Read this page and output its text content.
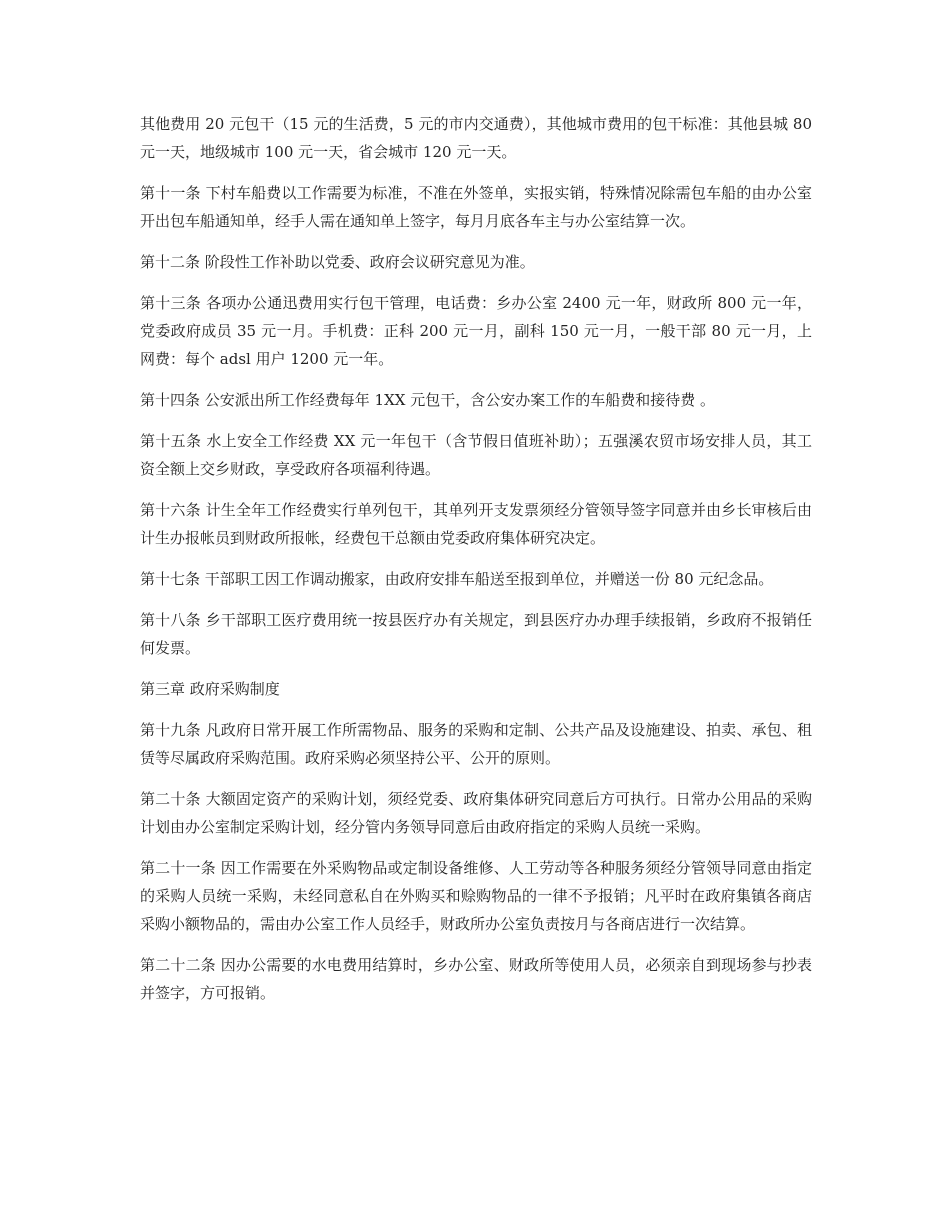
其他费用 20 元包干（15 元的生活费，5 元的市内交通费），其他城市费用的包干标准：其他县城 80 元一天，地级城市 100 元一天，省会城市 120 元一天。

第十一条 下村车船费以工作需要为标准，不准在外签单，实报实销，特殊情况除需包车船的由办公室开出包车船通知单，经手人需在通知单上签字，每月月底各车主与办公室结算一次。

第十二条 阶段性工作补助以党委、政府会议研究意见为准。

第十三条 各项办公通迅费用实行包干管理，电话费：乡办公室 2400 元一年，财政所 800 元一年，党委政府成员 35 元一月。手机费：正科 200 元一月，副科 150 元一月，一般干部 80 元一月，上网费：每个 adsl 用户 1200 元一年。

第十四条 公安派出所工作经费每年 1XX 元包干，含公安办案工作的车船费和接待费 。

第十五条 水上安全工作经费 XX 元一年包干（含节假日值班补助）；五强溪农贸市场安排人员，其工资全额上交乡财政，享受政府各项福利待遇。

第十六条 计生全年工作经费实行单列包干，其单列开支发票须经分管领导签字同意并由乡长审核后由计生办报帐员到财政所报帐，经费包干总额由党委政府集体研究决定。

第十七条 干部职工因工作调动搬家，由政府安排车船送至报到单位，并赠送一份 80 元纪念品。

第十八条 乡干部职工医疗费用统一按县医疗办有关规定，到县医疗办办理手续报销，乡政府不报销任何发票。

第三章 政府采购制度

第十九条 凡政府日常开展工作所需物品、服务的采购和定制、公共产品及设施建设、拍卖、承包、租赁等尽属政府采购范围。政府采购必须坚持公平、公开的原则。

第二十条 大额固定资产的采购计划，须经党委、政府集体研究同意后方可执行。日常办公用品的采购计划由办公室制定采购计划，经分管内务领导同意后由政府指定的采购人员统一采购。

第二十一条 因工作需要在外采购物品或定制设备维修、人工劳动等各种服务须经分管领导同意由指定的采购人员统一采购，未经同意私自在外购买和赊购物品的一律不予报销；凡平时在政府集镇各商店采购小额物品的，需由办公室工作人员经手，财政所办公室负责按月与各商店进行一次结算。

第二十二条 因办公需要的水电费用结算时，乡办公室、财政所等使用人员，必须亲自到现场参与抄表并签字，方可报销。
